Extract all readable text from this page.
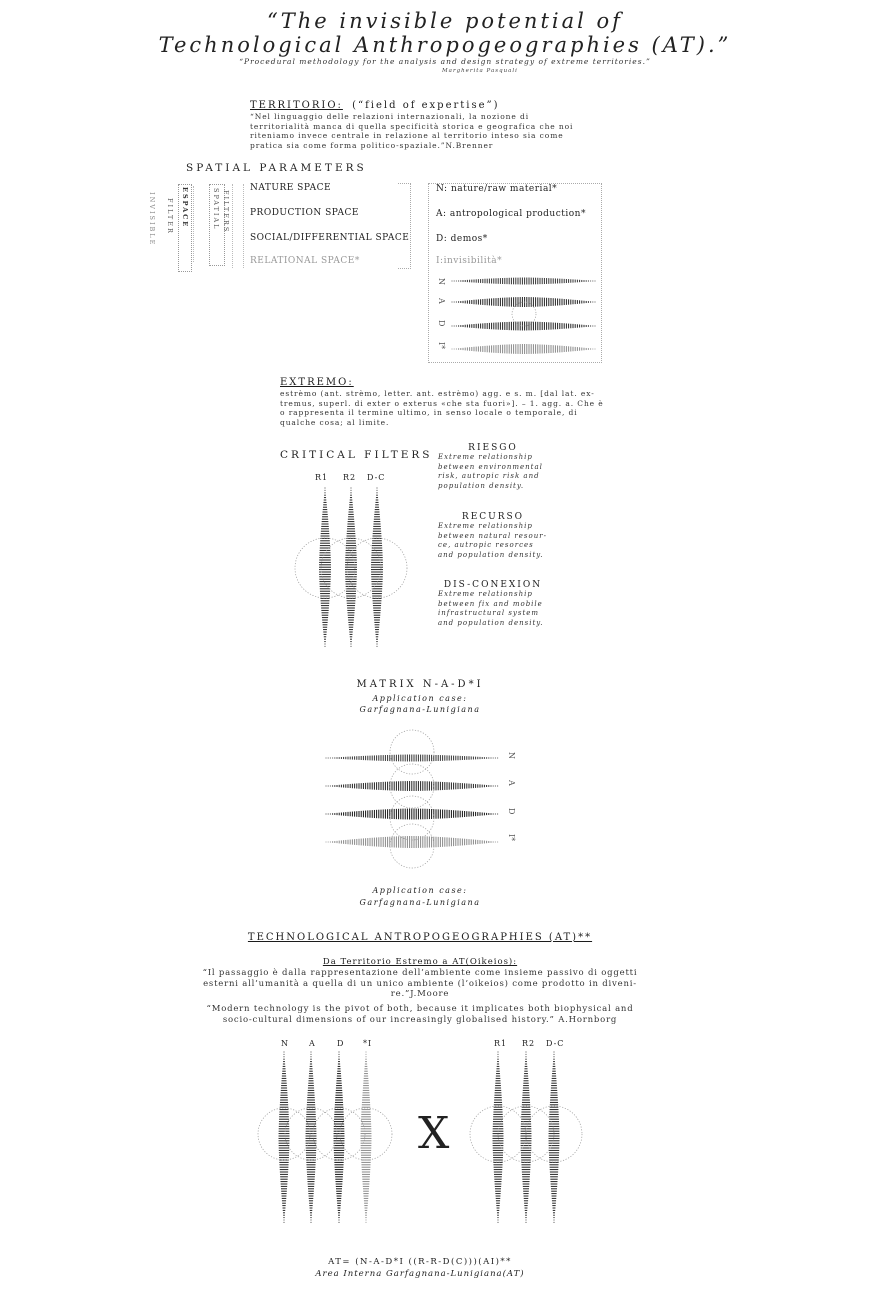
“The invisible potential of
Technological Anthropogeographies (AT).”
“Procedural methodology for the analysis and design strategy of extreme territories.”
Margherita Pasquali
TERRITORIO: (“field of expertise”)
“Nel linguaggio delle relazioni internazionali, la nozione di
territorialità manca di quella specificità storica e geografica che noi
riteniamo invece centrale in relazione al territorio inteso sia come
pratica sia come forma politico-spaziale.”N.Brenner
SPATIAL PARAMETERS
INVISIBLE FILTER ESPACE	SPATIAL FILTERS
NATURE SPACE
PRODUCTION SPACE
SOCIAL/DIFFERENTIAL SPACE
RELATIONAL SPACE*
N: nature/raw material*
A: antropological production*
D: demos*
I:invisibilità*
N
A
D
I*
EXTREMO:
estrèmo (ant. strèmo, letter. ant. estrèmo) agg. e s. m. [dal lat. ex-
tremus, superl. di exter o exterus «che sta fuori»]. – 1. agg. a. Che è
o rappresenta il termine ultimo, in senso locale o temporale, di
qualche cosa; al limite.
CRITICAL FILTERS
R1 R2 D-C
RIESGO
Extreme relationship
between environmental
risk, autropic risk and
population density.
RECURSO
Extreme relationship
between natural resour-
ce, autropic resorces
and population density.
DIS-CONEXION
Extreme relationship
between fix and mobile
infrastructural system
and population density.
MATRIX N-A-D*I
Application case:
Garfagnana-Lunigiana
N
A
D
I*
Application case:
Garfagnana-Lunigiana
TECHNOLOGICAL ANTROPOGEOGRAPHIES (AT)**
Da Territorio Estremo a AT(Oikeios):
“Il passaggio è dalla rappresentazione dell’ambiente come insieme passivo di oggetti
esterni all’umanità a quella di un unico ambiente (l’oikeios) come prodotto in diveni-
re.”J.Moore
“Modern technology is the pivot of both, because it implicates both biophysical and
socio-cultural dimensions of our increasingly globalised history.” A.Hornborg
N	A	D *I	R1 R2 D-C
X
AT= (N-A-D*I ((R-R-D(C)))(AI)**
Area Interna Garfagnana-Lunigiana(AT)
